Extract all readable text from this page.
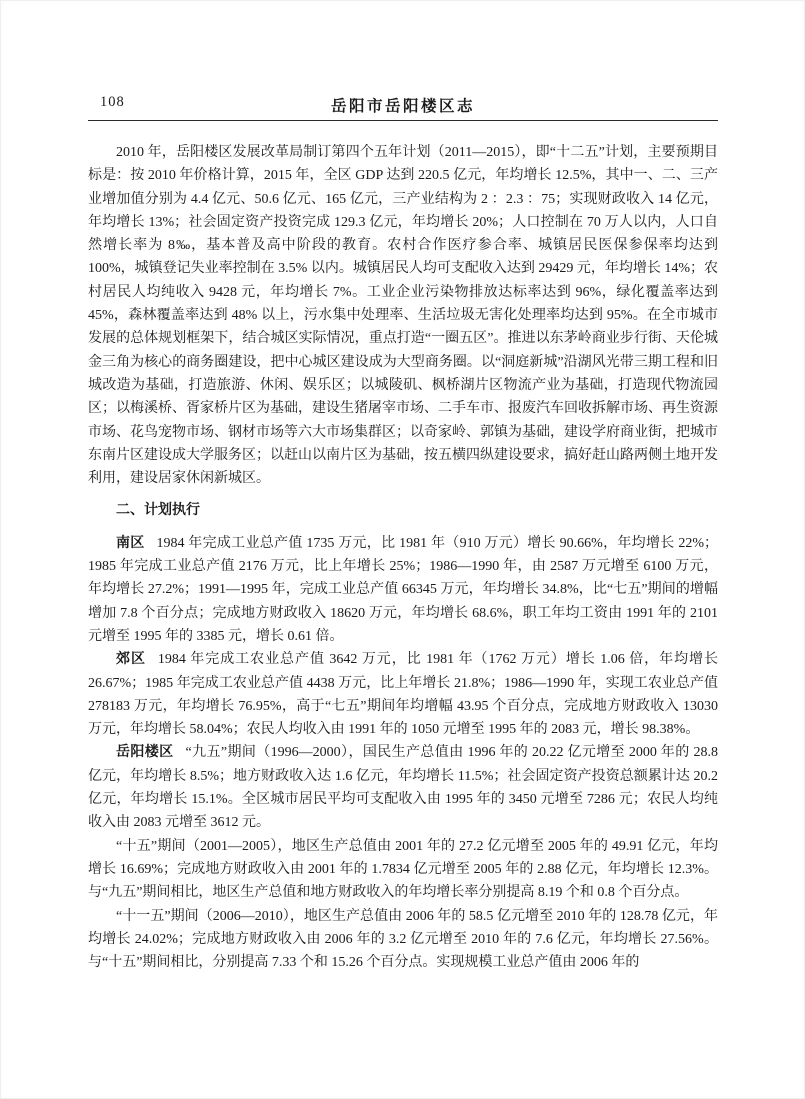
108	岳阳市岳阳楼区志

2010 年，岳阳楼区发展改革局制订第四个五年计划（2011—2015），即“十二五”计划，主要预期目标是：按 2010 年价格计算，2015 年，全区 GDP 达到 220.5 亿元，年均增长 12.5%，其中一、二、三产业增加值分别为 4.4 亿元、50.6 亿元、165 亿元，三产业结构为 2 ：2.3 ：75；实现财政收入 14 亿元，年均增长 13%；社会固定资产投资完成 129.3 亿元，年均增长 20%；人口控制在 70 万人以内，人口自然增长率为 8‰，基本普及高中阶段的教育。农村合作医疗参合率、城镇居民医保参保率均达到 100%，城镇登记失业率控制在 3.5% 以内。城镇居民人均可支配收入达到 29429 元，年均增长 14%；农村居民人均纯收入 9428 元，年均增长 7%。工业企业污染物排放达标率达到 96%，绿化覆盖率达到 45%，森林覆盖率达到 48% 以上，污水集中处理率、生活垃圾无害化处理率均达到 95%。在全市城市发展的总体规划框架下，结合城区实际情况，重点打造“一圈五区”。推进以东茅岭商业步行街、天伦城金三角为核心的商务圈建设，把中心城区建设成为大型商务圈。以“洞庭新城”沿湖风光带三期工程和旧城改造为基础，打造旅游、休闲、娱乐区；以城陵矶、枫桥湖片区物流产业为基础，打造现代物流园区；以梅溪桥、胥家桥片区为基础，建设生猪屠宰市场、二手车市、报废汽车回收拆解市场、再生资源市场、花鸟宠物市场、钢材市场等六大市场集群区；以奇家岭、郭镇为基础，建设学府商业街，把城市东南片区建设成大学服务区；以赶山以南片区为基础，按五横四纵建设要求，搞好赶山路两侧土地开发利用，建设居家休闲新城区。

二、计划执行

南区 1984 年完成工业总产值 1735 万元，比 1981 年（910 万元）增长 90.66%，年均增长 22%；1985 年完成工业总产值 2176 万元，比上年增长 25%；1986—1990 年，由 2587 万元增至 6100 万元，年均增长 27.2%；1991—1995 年，完成工业总产值 66345 万元，年均增长 34.8%，比“七五”期间的增幅增加 7.8 个百分点；完成地方财政收入 18620 万元，年均增长 68.6%，职工年均工资由 1991 年的 2101 元增至 1995 年的 3385 元，增长 0.61 倍。

郊区 1984 年完成工农业总产值 3642 万元，比 1981 年（1762 万元）增长 1.06 倍，年均增长 26.67%；1985 年完成工农业总产值 4438 万元，比上年增长 21.8%；1986—1990 年，实现工农业总产值 278183 万元，年均增长 76.95%，高于“七五”期间年均增幅 43.95 个百分点，完成地方财政收入 13030 万元，年均增长 58.04%；农民人均收入由 1991 年的 1050 元增至 1995 年的 2083 元，增长 98.38%。

岳阳楼区 “九五”期间（1996—2000），国民生产总值由 1996 年的 20.22 亿元增至 2000 年的 28.8 亿元，年均增长 8.5%；地方财政收入达 1.6 亿元，年均增长 11.5%；社会固定资产投资总额累计达 20.2 亿元，年均增长 15.1%。全区城市居民平均可支配收入由 1995 年的 3450 元增至 7286 元；农民人均纯收入由 2083 元增至 3612 元。

“十五”期间（2001—2005），地区生产总值由 2001 年的 27.2 亿元增至 2005 年的 49.91 亿元，年均增长 16.69%；完成地方财政收入由 2001 年的 1.7834 亿元增至 2005 年的 2.88 亿元，年均增长 12.3%。与“九五”期间相比，地区生产总值和地方财政收入的年均增长率分别提高 8.19 个和 0.8 个百分点。

“十一五”期间（2006—2010），地区生产总值由 2006 年的 58.5 亿元增至 2010 年的 128.78 亿元，年均增长 24.02%；完成地方财政收入由 2006 年的 3.2 亿元增至 2010 年的 7.6 亿元，年均增长 27.56%。与“十五”期间相比，分别提高 7.33 个和 15.26 个百分点。实现规模工业总产值由 2006 年的
